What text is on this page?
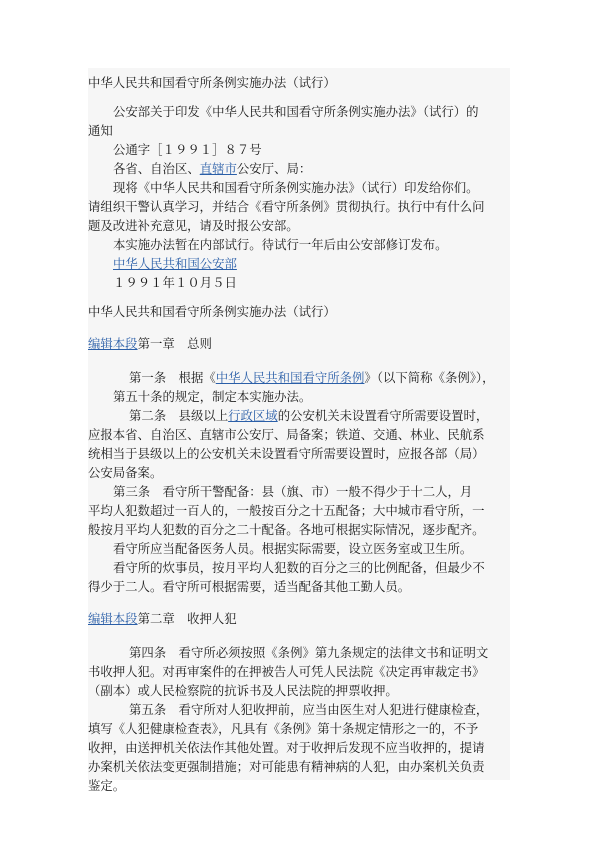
中华人民共和国看守所条例实施办法（试行）
公安部关于印发《中华人民共和国看守所条例实施办法》（试行）的
通知
公通字［１９９１］８７号
各省、自治区、直辖市公安厅、局：
现将《中华人民共和国看守所条例实施办法》（试行）印发给你们。
请组织干警认真学习，并结合《看守所条例》贯彻执行。执行中有什么问
题及改进补充意见，请及时报公安部。
本实施办法暂在内部试行。待试行一年后由公安部修订发布。
中华人民共和国公安部
１９９１年１０月５日
中华人民共和国看守所条例实施办法（试行）
编辑本段第一章　总则
第一条　根据《中华人民共和国看守所条例》（以下简称《条例》），
第五十条的规定，制定本实施办法。
第二条　县级以上行政区域的公安机关未设置看守所需要设置时，
应报本省、自治区、直辖市公安厅、局备案；铁道、交通、林业、民航系
统相当于县级以上的公安机关未设置看守所需要设置时，应报各部（局）
公安局备案。
第三条　看守所干警配备：县（旗、市）一般不得少于十二人，月
平均人犯数超过一百人的，一般按百分之十五配备；大中城市看守所，一
般按月平均人犯数的百分之二十配备。各地可根据实际情况，逐步配齐。
看守所应当配备医务人员。根据实际需要，设立医务室或卫生所。
看守所的炊事员，按月平均人犯数的百分之三的比例配备，但最少不
得少于二人。看守所可根据需要，适当配备其他工勤人员。
编辑本段第二章　收押人犯
第四条　看守所必须按照《条例》第九条规定的法律文书和证明文
书收押人犯。对再审案件的在押被告人可凭人民法院《决定再审裁定书》
（副本）或人民检察院的抗诉书及人民法院的押票收押。
第五条　看守所对人犯收押前，应当由医生对人犯进行健康检查，
填写《人犯健康检查表》，凡具有《条例》第十条规定情形之一的，不予
收押，由送押机关依法作其他处置。对于收押后发现不应当收押的，提请
办案机关依法变更强制措施；对可能患有精神病的人犯，由办案机关负责
鉴定。
